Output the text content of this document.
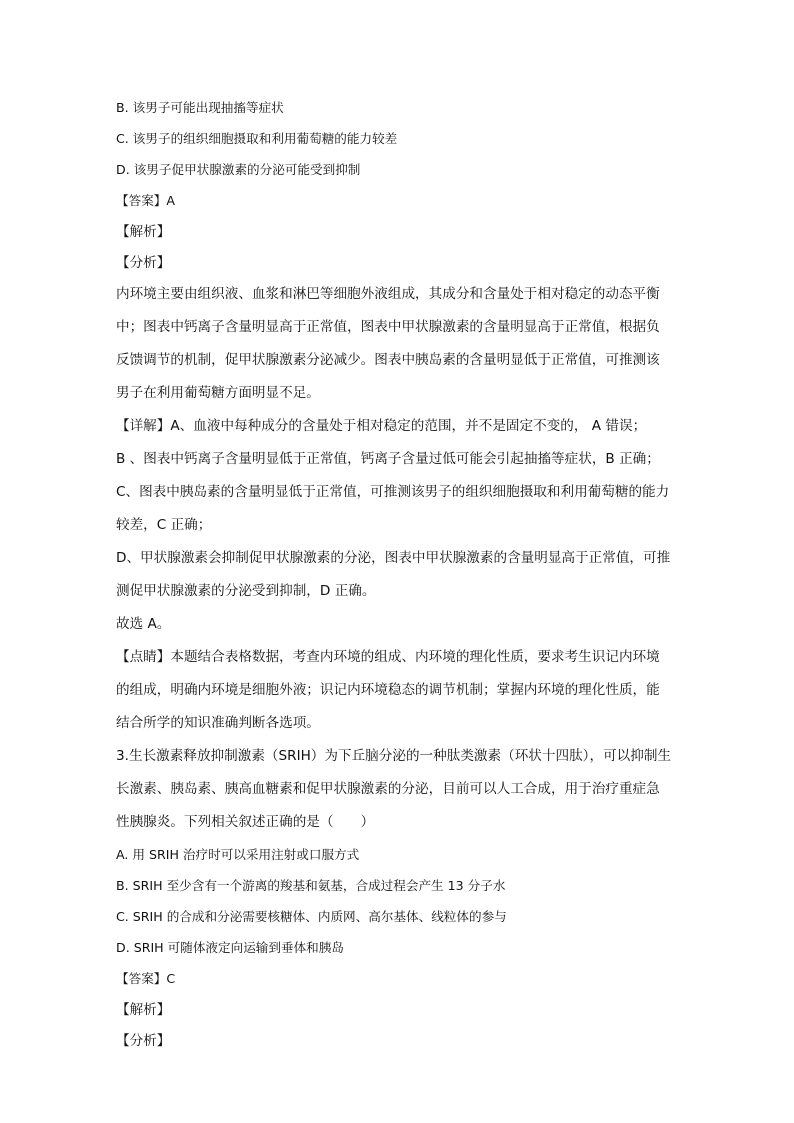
B. 该男子可能出现抽搐等症状
C. 该男子的组织细胞摄取和利用葡萄糖的能力较差
D. 该男子促甲状腺激素的分泌可能受到抑制
【答案】A
【解析】
【分析】
内环境主要由组织液、血浆和淋巴等细胞外液组成，其成分和含量处于相对稳定的动态平衡
中；图表中钙离子含量明显高于正常值，图表中甲状腺激素的含量明显高于正常值，根据负
反馈调节的机制，促甲状腺激素分泌减少。图表中胰岛素的含量明显低于正常值，可推测该
男子在利用葡萄糖方面明显不足。
【详解】A、血液中每种成分的含量处于相对稳定的范围，并不是固定不变的， A 错误；
B 、图表中钙离子含量明显低于正常值，钙离子含量过低可能会引起抽搐等症状，B 正确；
C、图表中胰岛素的含量明显低于正常值，可推测该男子的组织细胞摄取和利用葡萄糖的能力
较差，C 正确；
D、甲状腺激素会抑制促甲状腺激素的分泌，图表中甲状腺激素的含量明显高于正常值，可推
测促甲状腺激素的分泌受到抑制，D 正确。
故选 A。
【点睛】本题结合表格数据，考查内环境的组成、内环境的理化性质，要求考生识记内环境
的组成，明确内环境是细胞外液；识记内环境稳态的调节机制；掌握内环境的理化性质，能
结合所学的知识准确判断各选项。
3.生长激素释放抑制激素（SRIH）为下丘脑分泌的一种肽类激素（环状十四肽），可以抑制生
长激素、胰岛素、胰高血糖素和促甲状腺激素的分泌，目前可以人工合成，用于治疗重症急
性胰腺炎。下列相关叙述正确的是（　　）
A. 用 SRIH 治疗时可以采用注射或口服方式
B. SRIH 至少含有一个游离的羧基和氨基，合成过程会产生 13 分子水
C. SRIH 的合成和分泌需要核糖体、内质网、高尔基体、线粒体的参与
D. SRIH 可随体液定向运输到垂体和胰岛
【答案】C
【解析】
【分析】
